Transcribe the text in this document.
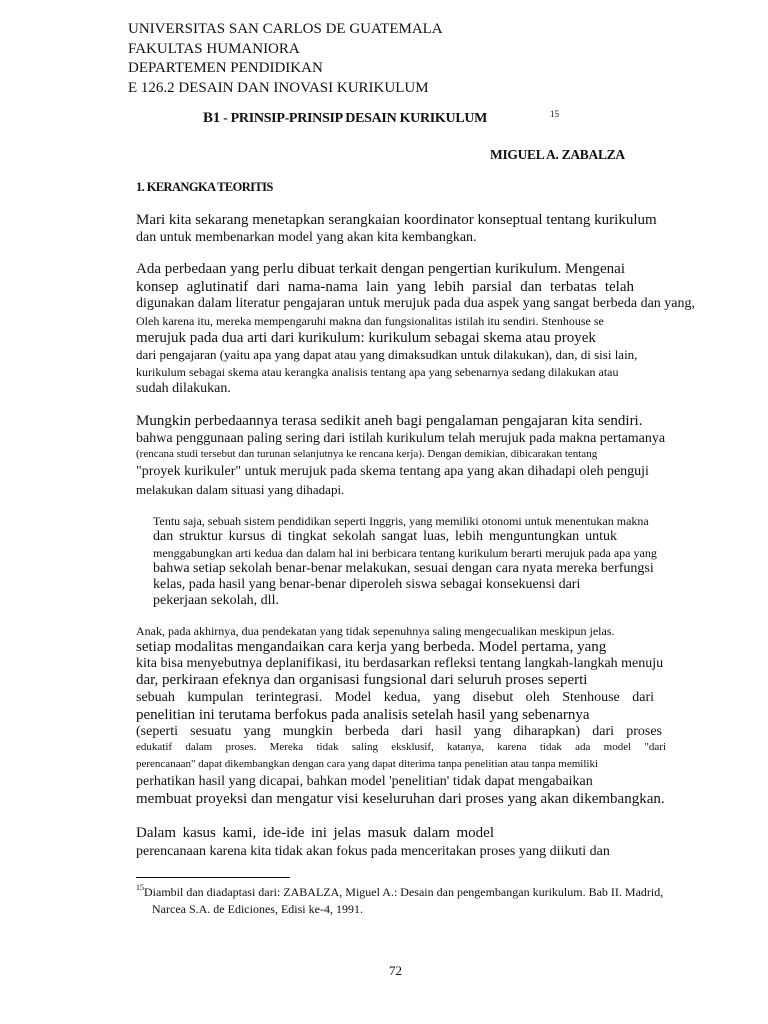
UNIVERSITAS SAN CARLOS DE GUATEMALA
FAKULTAS HUMANIORA
DEPARTEMEN PENDIDIKAN
E 126.2 DESAIN DAN INOVASI KURIKULUM
B1 - PRINSIP-PRINSIP DESAIN KURIKULUM	15
MIGUEL A. ZABALZA
1. KERANGKA TEORITIS
Mari kita sekarang menetapkan serangkaian koordinator konseptual tentang kurikulum
dan untuk membenarkan model yang akan kita kembangkan.
Ada perbedaan yang perlu dibuat terkait dengan pengertian kurikulum. Mengenai
konsep aglutinatif dari nama-nama lain yang lebih parsial dan terbatas telah
digunakan dalam literatur pengajaran untuk merujuk pada dua aspek yang sangat berbeda dan yang,
Oleh karena itu, mereka mempengaruhi makna dan fungsionalitas istilah itu sendiri. Stenhouse se
merujuk pada dua arti dari kurikulum: kurikulum sebagai skema atau proyek
dari pengajaran (yaitu apa yang dapat atau yang dimaksudkan untuk dilakukan), dan, di sisi lain,
kurikulum sebagai skema atau kerangka analisis tentang apa yang sebenarnya sedang dilakukan atau
sudah dilakukan.
Mungkin perbedaannya terasa sedikit aneh bagi pengalaman pengajaran kita sendiri.
bahwa penggunaan paling sering dari istilah kurikulum telah merujuk pada makna pertamanya
(rencana studi tersebut dan turunan selanjutnya ke rencana kerja). Dengan demikian, dibicarakan tentang
"proyek kurikuler" untuk merujuk pada skema tentang apa yang akan dihadapi oleh penguji
melakukan dalam situasi yang dihadapi.
Tentu saja, sebuah sistem pendidikan seperti Inggris, yang memiliki otonomi untuk menentukan makna
dan struktur kursus di tingkat sekolah sangat luas, lebih menguntungkan untuk
menggabungkan arti kedua dan dalam hal ini berbicara tentang kurikulum berarti merujuk pada apa yang
bahwa setiap sekolah benar-benar melakukan, sesuai dengan cara nyata mereka berfungsi
kelas, pada hasil yang benar-benar diperoleh siswa sebagai konsekuensi dari
pekerjaan sekolah, dll.
Anak, pada akhirnya, dua pendekatan yang tidak sepenuhnya saling mengecualikan meskipun jelas.
setiap modalitas mengandaikan cara kerja yang berbeda. Model pertama, yang
kita bisa menyebutnya deplanifikasi, itu berdasarkan refleksi tentang langkah-langkah menuju
dar, perkiraan efeknya dan organisasi fungsional dari seluruh proses seperti
sebuah kumpulan terintegrasi. Model kedua, yang disebut oleh Stenhouse dari
penelitian ini terutama berfokus pada analisis setelah hasil yang sebenarnya
(seperti sesuatu yang mungkin berbeda dari hasil yang diharapkan) dari proses
edukatif dalam proses. Mereka tidak saling eksklusif, katanya, karena tidak ada model "dari
perencanaan" dapat dikembangkan dengan cara yang dapat diterima tanpa penelitian atau tanpa memiliki
perhatikan hasil yang dicapai, bahkan model 'penelitian' tidak dapat mengabaikan
membuat proyeksi dan mengatur visi keseluruhan dari proses yang akan dikembangkan.
Dalam kasus kami, ide-ide ini jelas masuk dalam model
perencanaan karena kita tidak akan fokus pada menceritakan proses yang diikuti dan
$^{15}$Diambil dan diadaptasi dari: ZABALZA, Miguel A.: Desain dan pengembangan kurikulum. Bab II. Madrid,
Narcea S.A. de Ediciones, Edisi ke-4, 1991.
72
